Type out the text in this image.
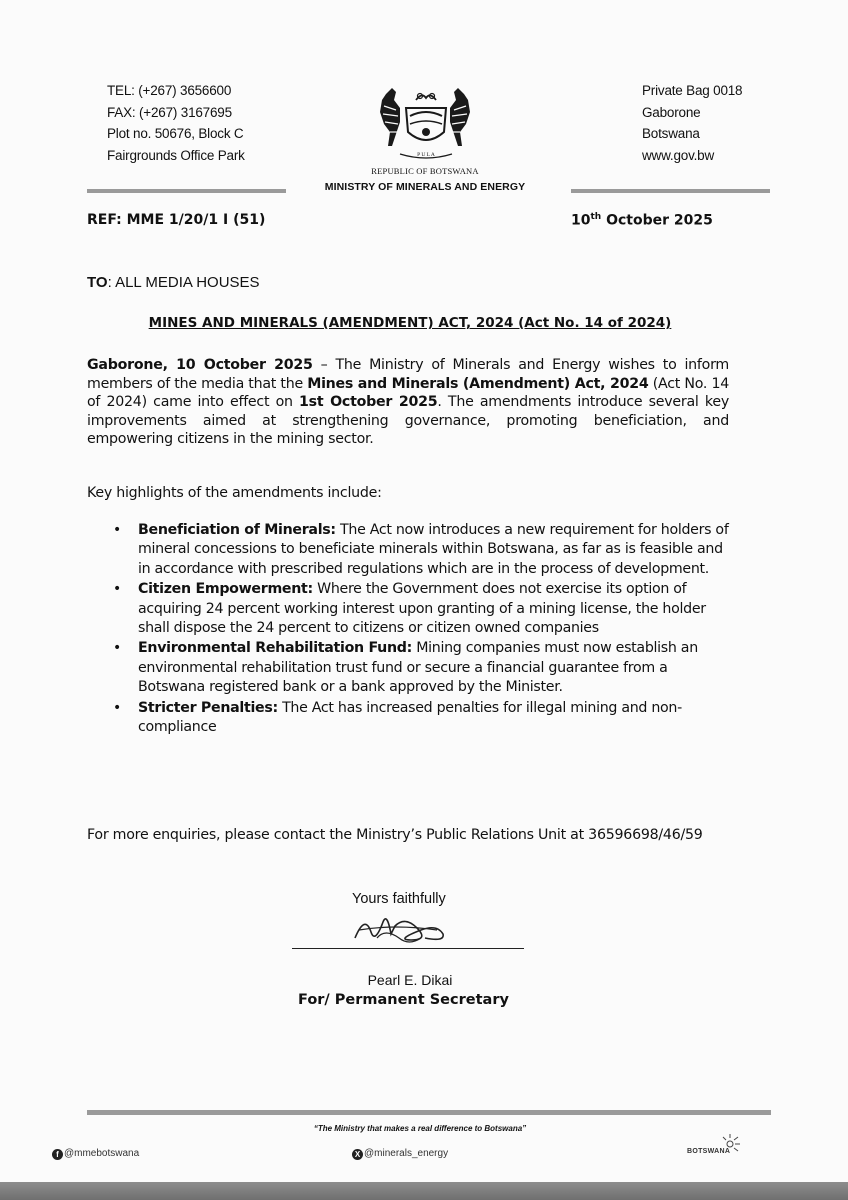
TEL: (+267) 3656600
FAX: (+267) 3167695
Plot no. 50676, Block C
Fairgrounds Office Park	P U L A
REPUBLIC OF BOTSWANA
MINISTRY OF MINERALS AND ENERGY
Private Bag 0018
Gaborone
Botswana
www.gov.bw
REF: MME 1/20/1 I (51)	10th October 2025
TO: ALL MEDIA HOUSES
MINES AND MINERALS (AMENDMENT) ACT, 2024 (Act No. 14 of 2024)
Gaborone, 10 October 2025 – The Ministry of Minerals and Energy wishes to inform members of the media that the Mines and Minerals (Amendment) Act, 2024 (Act No. 14 of 2024) came into effect on 1st October 2025. The amendments introduce several key improvements aimed at strengthening governance, promoting beneficiation, and empowering citizens in the mining sector.
Key highlights of the amendments include:
• Beneficiation of Minerals: The Act now introduces a new requirement for holders of mineral concessions to beneficiate minerals within Botswana, as far as is feasible and in accordance with prescribed regulations which are in the process of development.
• Citizen Empowerment: Where the Government does not exercise its option of acquiring 24 percent working interest upon granting of a mining license, the holder shall dispose the 24 percent to citizens or citizen owned companies
• Environmental Rehabilitation Fund: Mining companies must now establish an environmental rehabilitation trust fund or secure a financial guarantee from a Botswana registered bank or a bank approved by the Minister.
• Stricter Penalties: The Act has increased penalties for illegal mining and non-compliance
For more enquiries, please contact the Ministry’s Public Relations Unit at 36596698/46/59
Yours faithfully
Pearl E. Dikai
For/ Permanent Secretary
“The Ministry that makes a real difference to Botswana”
f @mmebotswana	X @minerals_energy	BOTSWANA
